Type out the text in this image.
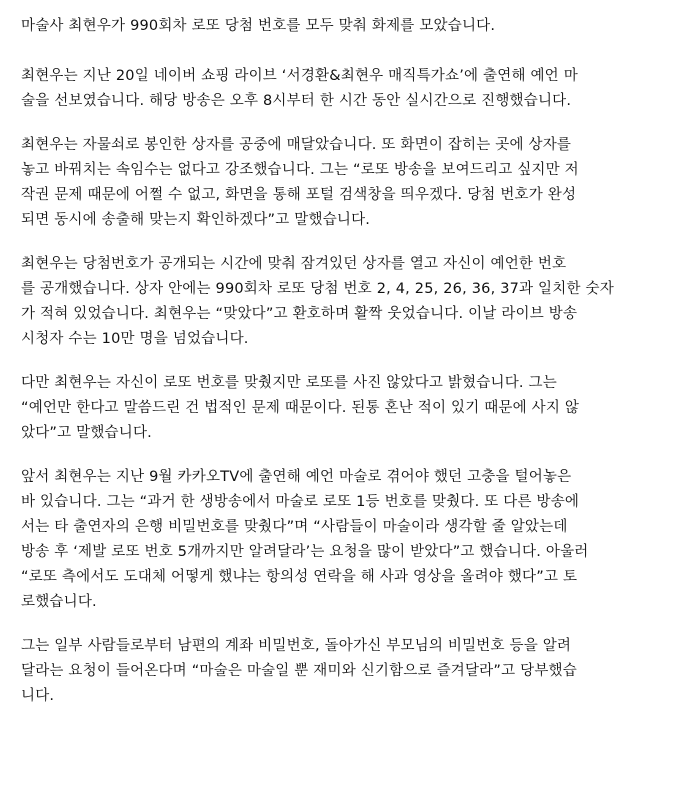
마술사 최현우가 990회차 로또 당첨 번호를 모두 맞춰 화제를 모았습니다.

최현우는 지난 20일 네이버 쇼핑 라이브 ‘서경환&최현우 매직특가쇼’에 출연해 예언 마
술을 선보였습니다. 해당 방송은 오후 8시부터 한 시간 동안 실시간으로 진행했습니다.

최현우는 자물쇠로 봉인한 상자를 공중에 매달았습니다. 또 화면이 잡히는 곳에 상자를
놓고 바꿔치는 속임수는 없다고 강조했습니다. 그는 “로또 방송을 보여드리고 싶지만 저
작권 문제 때문에 어쩔 수 없고, 화면을 통해 포털 검색창을 띄우겠다. 당첨 번호가 완성
되면 동시에 송출해 맞는지 확인하겠다”고 말했습니다.

최현우는 당첨번호가 공개되는 시간에 맞춰 잠겨있던 상자를 열고 자신이 예언한 번호
를 공개했습니다. 상자 안에는 990회차 로또 당첨 번호 2, 4, 25, 26, 36, 37과 일치한 숫자
가 적혀 있었습니다. 최현우는 “맞았다”고 환호하며 활짝 웃었습니다. 이날 라이브 방송
시청자 수는 10만 명을 넘었습니다.

다만 최현우는 자신이 로또 번호를 맞췄지만 로또를 사진 않았다고 밝혔습니다. 그는
“예언만 한다고 말씀드린 건 법적인 문제 때문이다. 된통 혼난 적이 있기 때문에 사지 않
았다”고 말했습니다.

앞서 최현우는 지난 9월 카카오TV에 출연해 예언 마술로 겪어야 했던 고충을 털어놓은
바 있습니다. 그는 “과거 한 생방송에서 마술로 로또 1등 번호를 맞췄다. 또 다른 방송에
서는 타 출연자의 은행 비밀번호를 맞췄다”며 “사람들이 마술이라 생각할 줄 알았는데
방송 후 ‘제발 로또 번호 5개까지만 알려달라’는 요청을 많이 받았다”고 했습니다. 아울러
“로또 측에서도 도대체 어떻게 했냐는 항의성 연락을 해 사과 영상을 올려야 했다”고 토
로했습니다.

그는 일부 사람들로부터 남편의 계좌 비밀번호, 돌아가신 부모님의 비밀번호 등을 알려
달라는 요청이 들어온다며 “마술은 마술일 뿐 재미와 신기함으로 즐겨달라”고 당부했습
니다.
